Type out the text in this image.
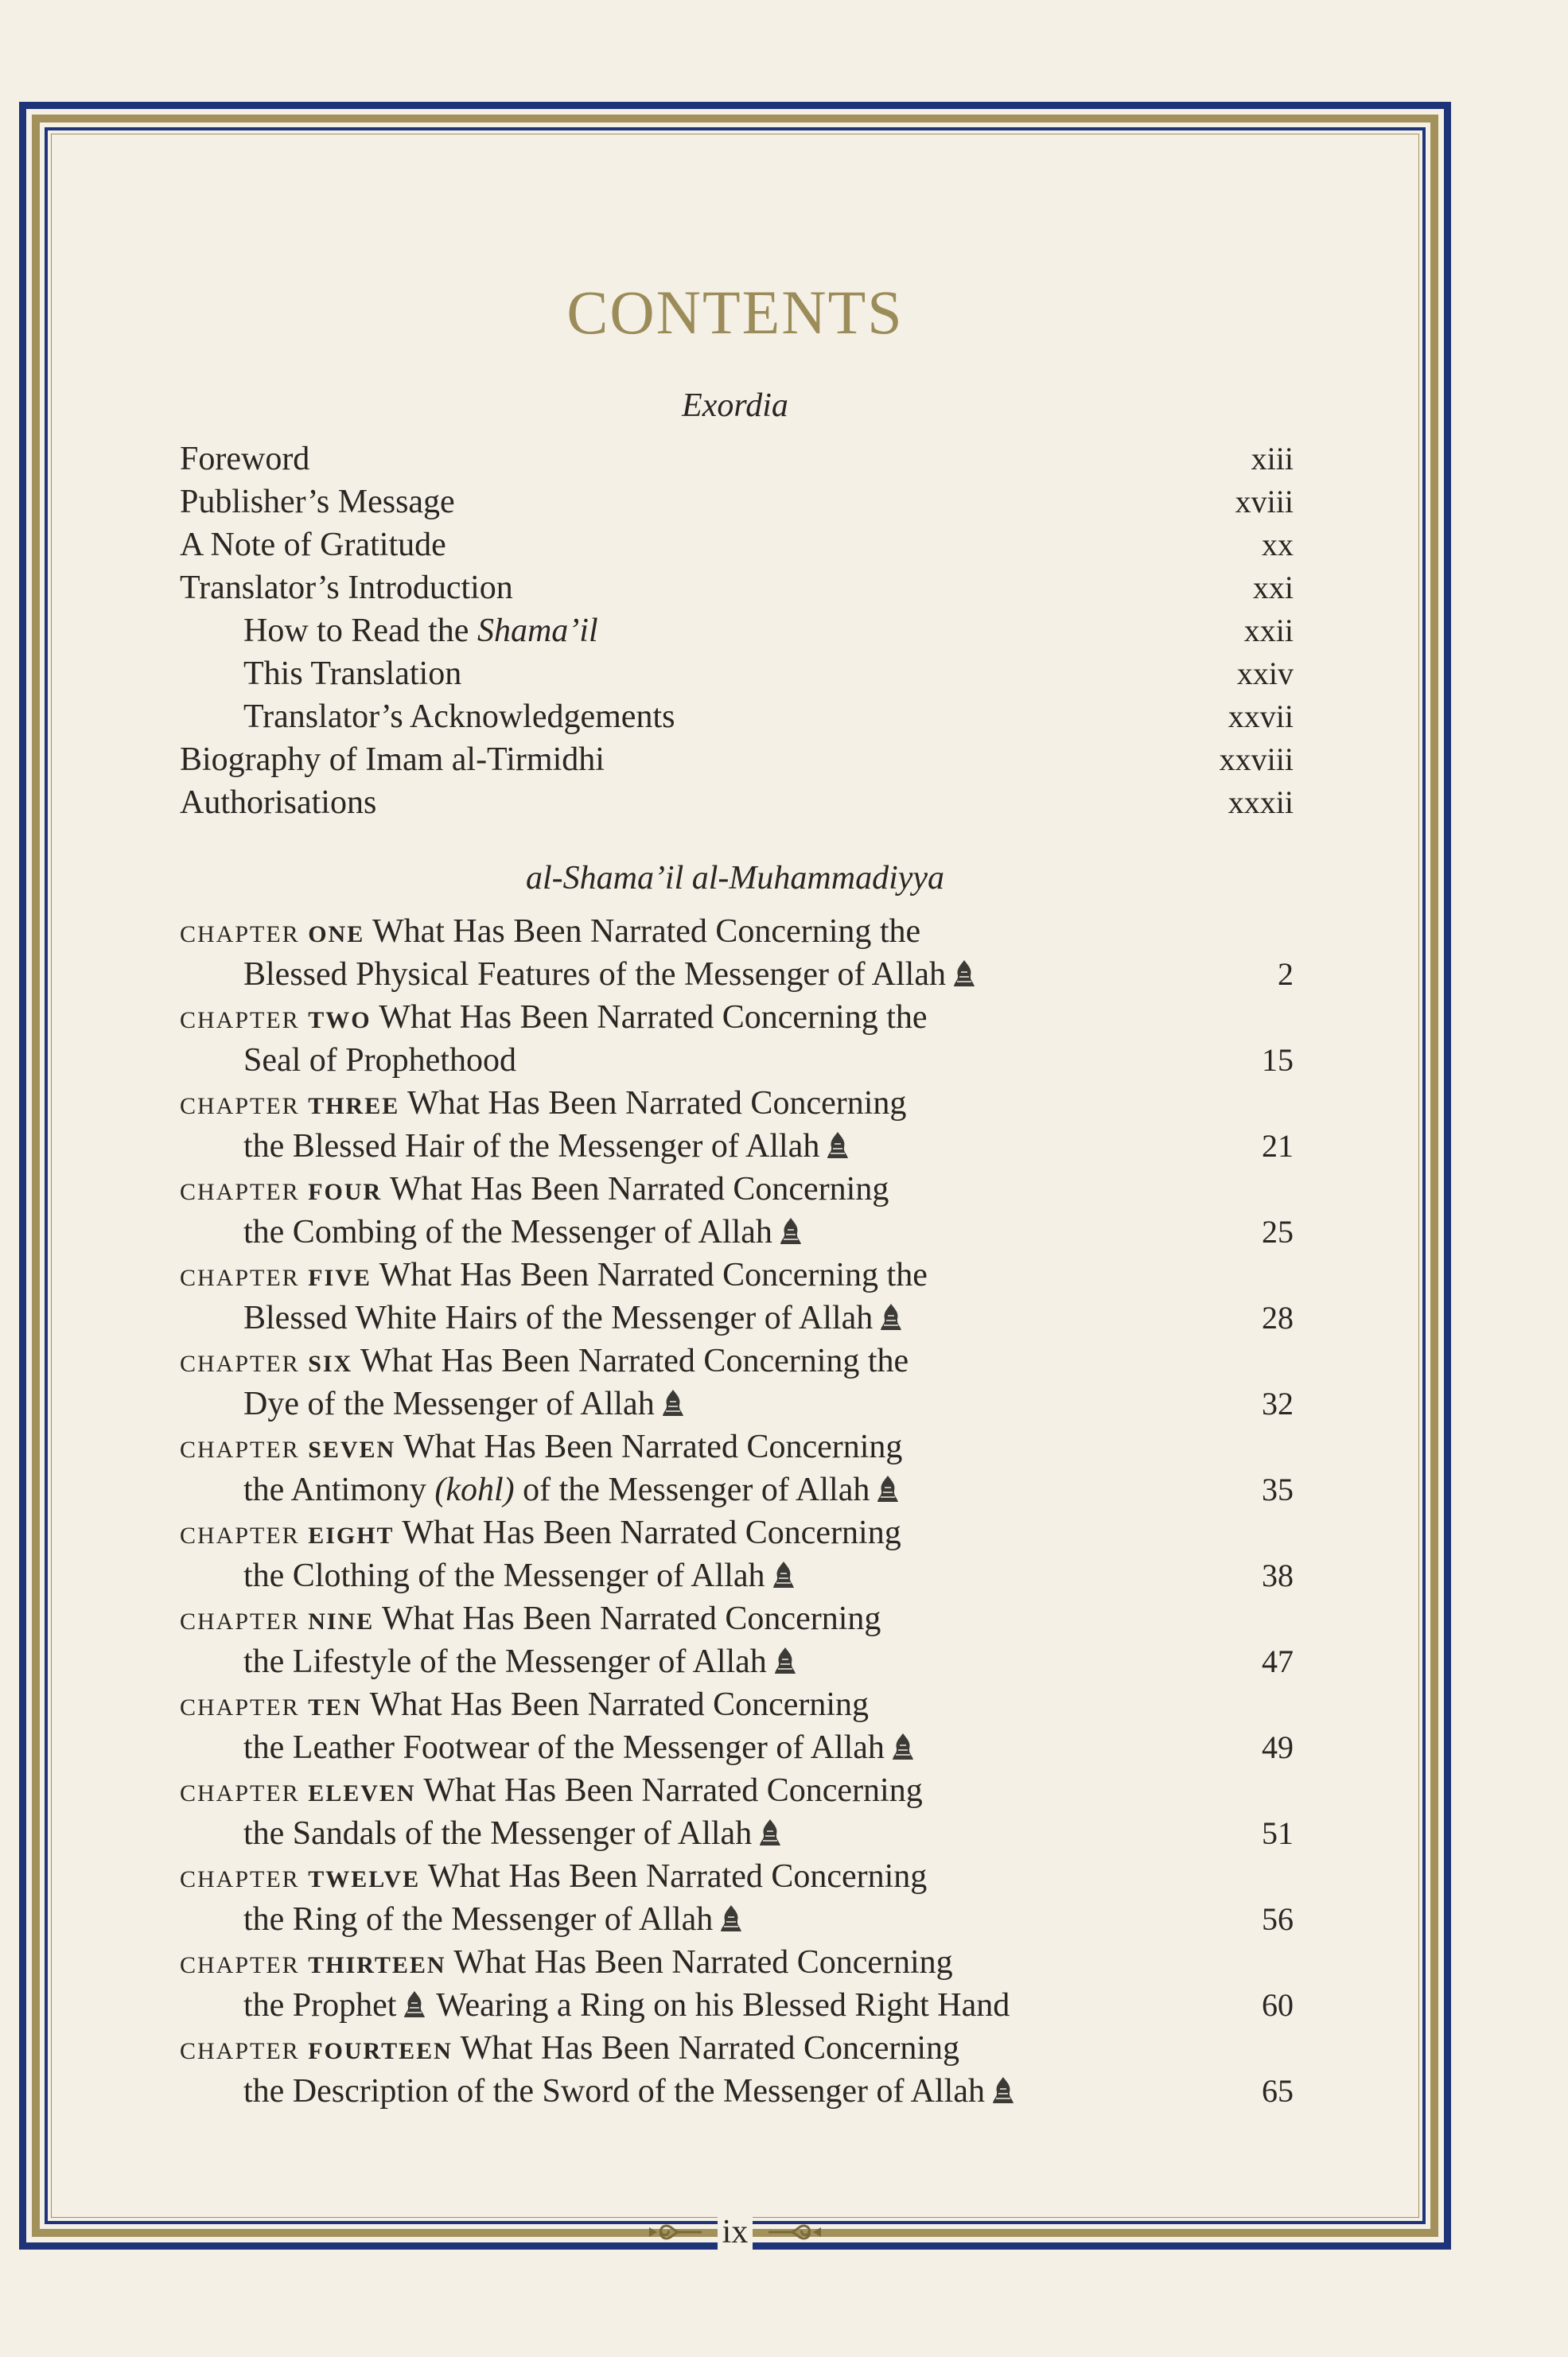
CONTENTS
Exordia
Foreword	xiii
Publisher’s Message	xviii
A Note of Gratitude	xx
Translator’s Introduction	xxi
How to Read the Shama’il	xxii
This Translation	xxiv
Translator’s Acknowledgements	xxvii
Biography of Imam al-Tirmidhi	xxviii
Authorisations	xxxii
al-Shama’il al-Muhammadiyya
CHAPTER ONE What Has Been Narrated Concerning the
Blessed Physical Features of the Messenger of Allah	2
CHAPTER TWO What Has Been Narrated Concerning the
Seal of Prophethood	15
CHAPTER THREE What Has Been Narrated Concerning
the Blessed Hair of the Messenger of Allah	21
CHAPTER FOUR What Has Been Narrated Concerning
the Combing of the Messenger of Allah	25
CHAPTER FIVE What Has Been Narrated Concerning the
Blessed White Hairs of the Messenger of Allah	28
CHAPTER SIX What Has Been Narrated Concerning the
Dye of the Messenger of Allah	32
CHAPTER SEVEN What Has Been Narrated Concerning
the Antimony (kohl) of the Messenger of Allah	35
CHAPTER EIGHT What Has Been Narrated Concerning
the Clothing of the Messenger of Allah	38
CHAPTER NINE What Has Been Narrated Concerning
the Lifestyle of the Messenger of Allah	47
CHAPTER TEN What Has Been Narrated Concerning
the Leather Footwear of the Messenger of Allah	49
CHAPTER ELEVEN What Has Been Narrated Concerning
the Sandals of the Messenger of Allah	51
CHAPTER TWELVE What Has Been Narrated Concerning
the Ring of the Messenger of Allah	56
CHAPTER THIRTEEN What Has Been Narrated Concerning
the Prophet Wearing a Ring on his Blessed Right Hand	60
CHAPTER FOURTEEN What Has Been Narrated Concerning
the Description of the Sword of the Messenger of Allah	65
ix
